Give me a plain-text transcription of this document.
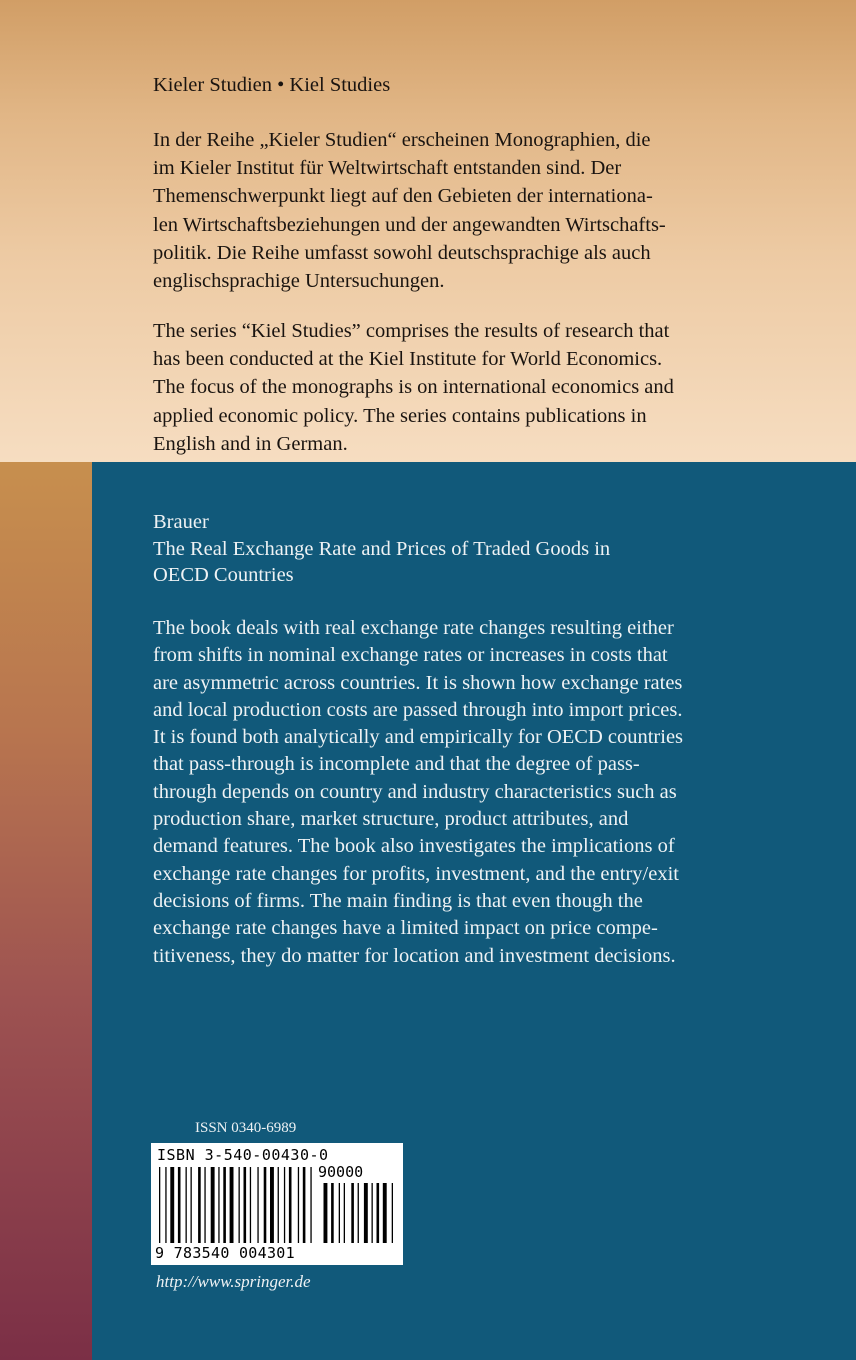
Kieler Studien • Kiel Studies
In der Reihe „Kieler Studien“ erscheinen Monographien, die
im Kieler Institut für Weltwirtschaft entstanden sind. Der
Themenschwerpunkt liegt auf den Gebieten der internationa-
len Wirtschaftsbeziehungen und der angewandten Wirtschafts-
politik. Die Reihe umfasst sowohl deutschsprachige als auch
englischsprachige Untersuchungen.
The series “Kiel Studies” comprises the results of research that
has been conducted at the Kiel Institute for World Economics.
The focus of the monographs is on international economics and
applied economic policy. The series contains publications in
English and in German.
Brauer
The Real Exchange Rate and Prices of Traded Goods in
OECD Countries
The book deals with real exchange rate changes resulting either
from shifts in nominal exchange rates or increases in costs that
are asymmetric across countries. It is shown how exchange rates
and local production costs are passed through into import prices.
It is found both analytically and empirically for OECD countries
that pass-through is incomplete and that the degree of pass-
through depends on country and industry characteristics such as
production share, market structure, product attributes, and
demand features. The book also investigates the implications of
exchange rate changes for profits, investment, and the entry/exit
decisions of firms. The main finding is that even though the
exchange rate changes have a limited impact on price compe-
titiveness, they do matter for location and investment decisions.
ISSN 0340-6989
ISBN 3-540-00430-0
90000
9 783540 004301
http://www.springer.de
